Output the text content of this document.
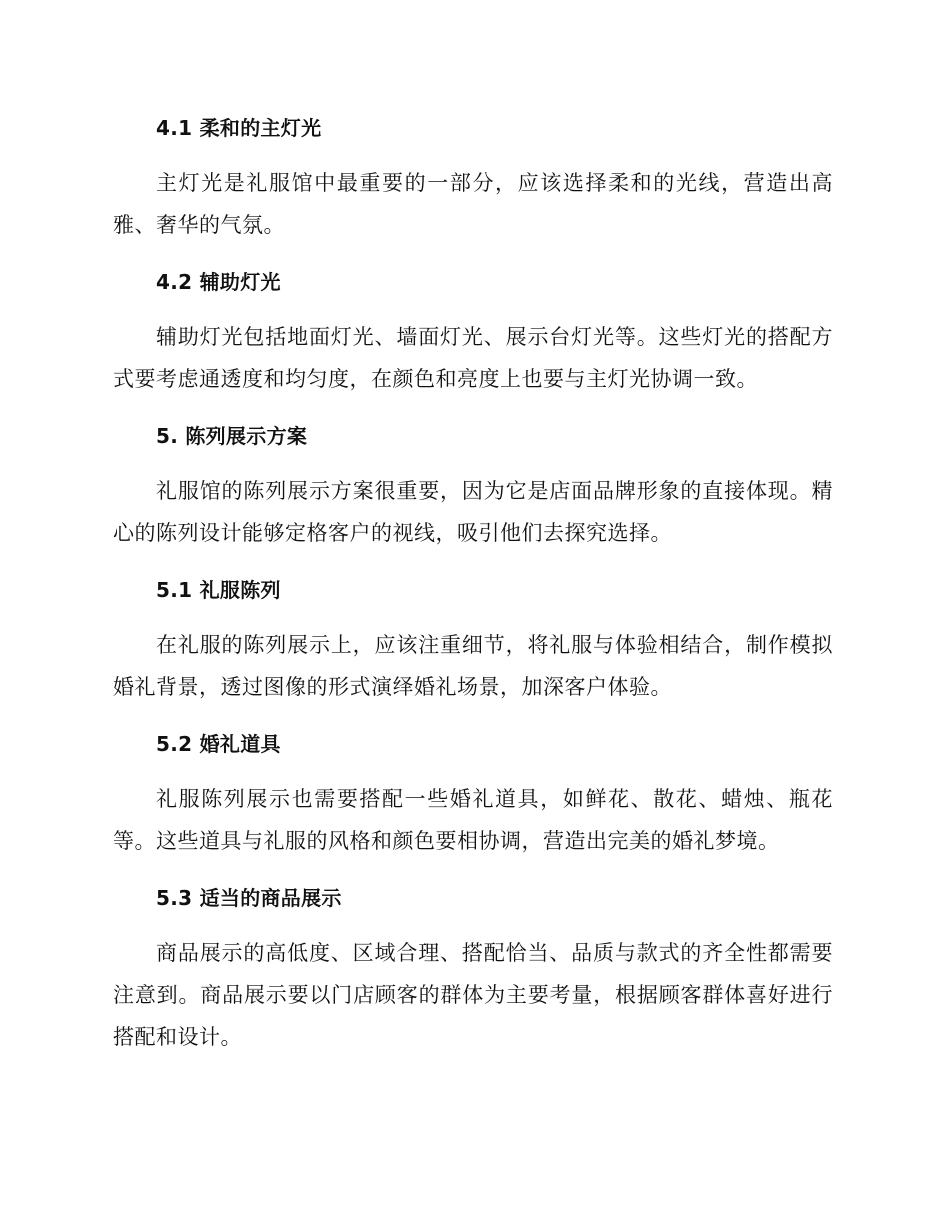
4.1 柔和的主灯光

主灯光是礼服馆中最重要的一部分，应该选择柔和的光线，营造出高雅、奢华的气氛。

4.2 辅助灯光

辅助灯光包括地面灯光、墙面灯光、展示台灯光等。这些灯光的搭配方式要考虑通透度和均匀度，在颜色和亮度上也要与主灯光协调一致。

5. 陈列展示方案

礼服馆的陈列展示方案很重要，因为它是店面品牌形象的直接体现。精心的陈列设计能够定格客户的视线，吸引他们去探究选择。

5.1 礼服陈列

在礼服的陈列展示上，应该注重细节，将礼服与体验相结合，制作模拟婚礼背景，透过图像的形式演绎婚礼场景，加深客户体验。

5.2 婚礼道具

礼服陈列展示也需要搭配一些婚礼道具，如鲜花、散花、蜡烛、瓶花等。这些道具与礼服的风格和颜色要相协调，营造出完美的婚礼梦境。

5.3 适当的商品展示

商品展示的高低度、区域合理、搭配恰当、品质与款式的齐全性都需要注意到。商品展示要以门店顾客的群体为主要考量，根据顾客群体喜好进行搭配和设计。
